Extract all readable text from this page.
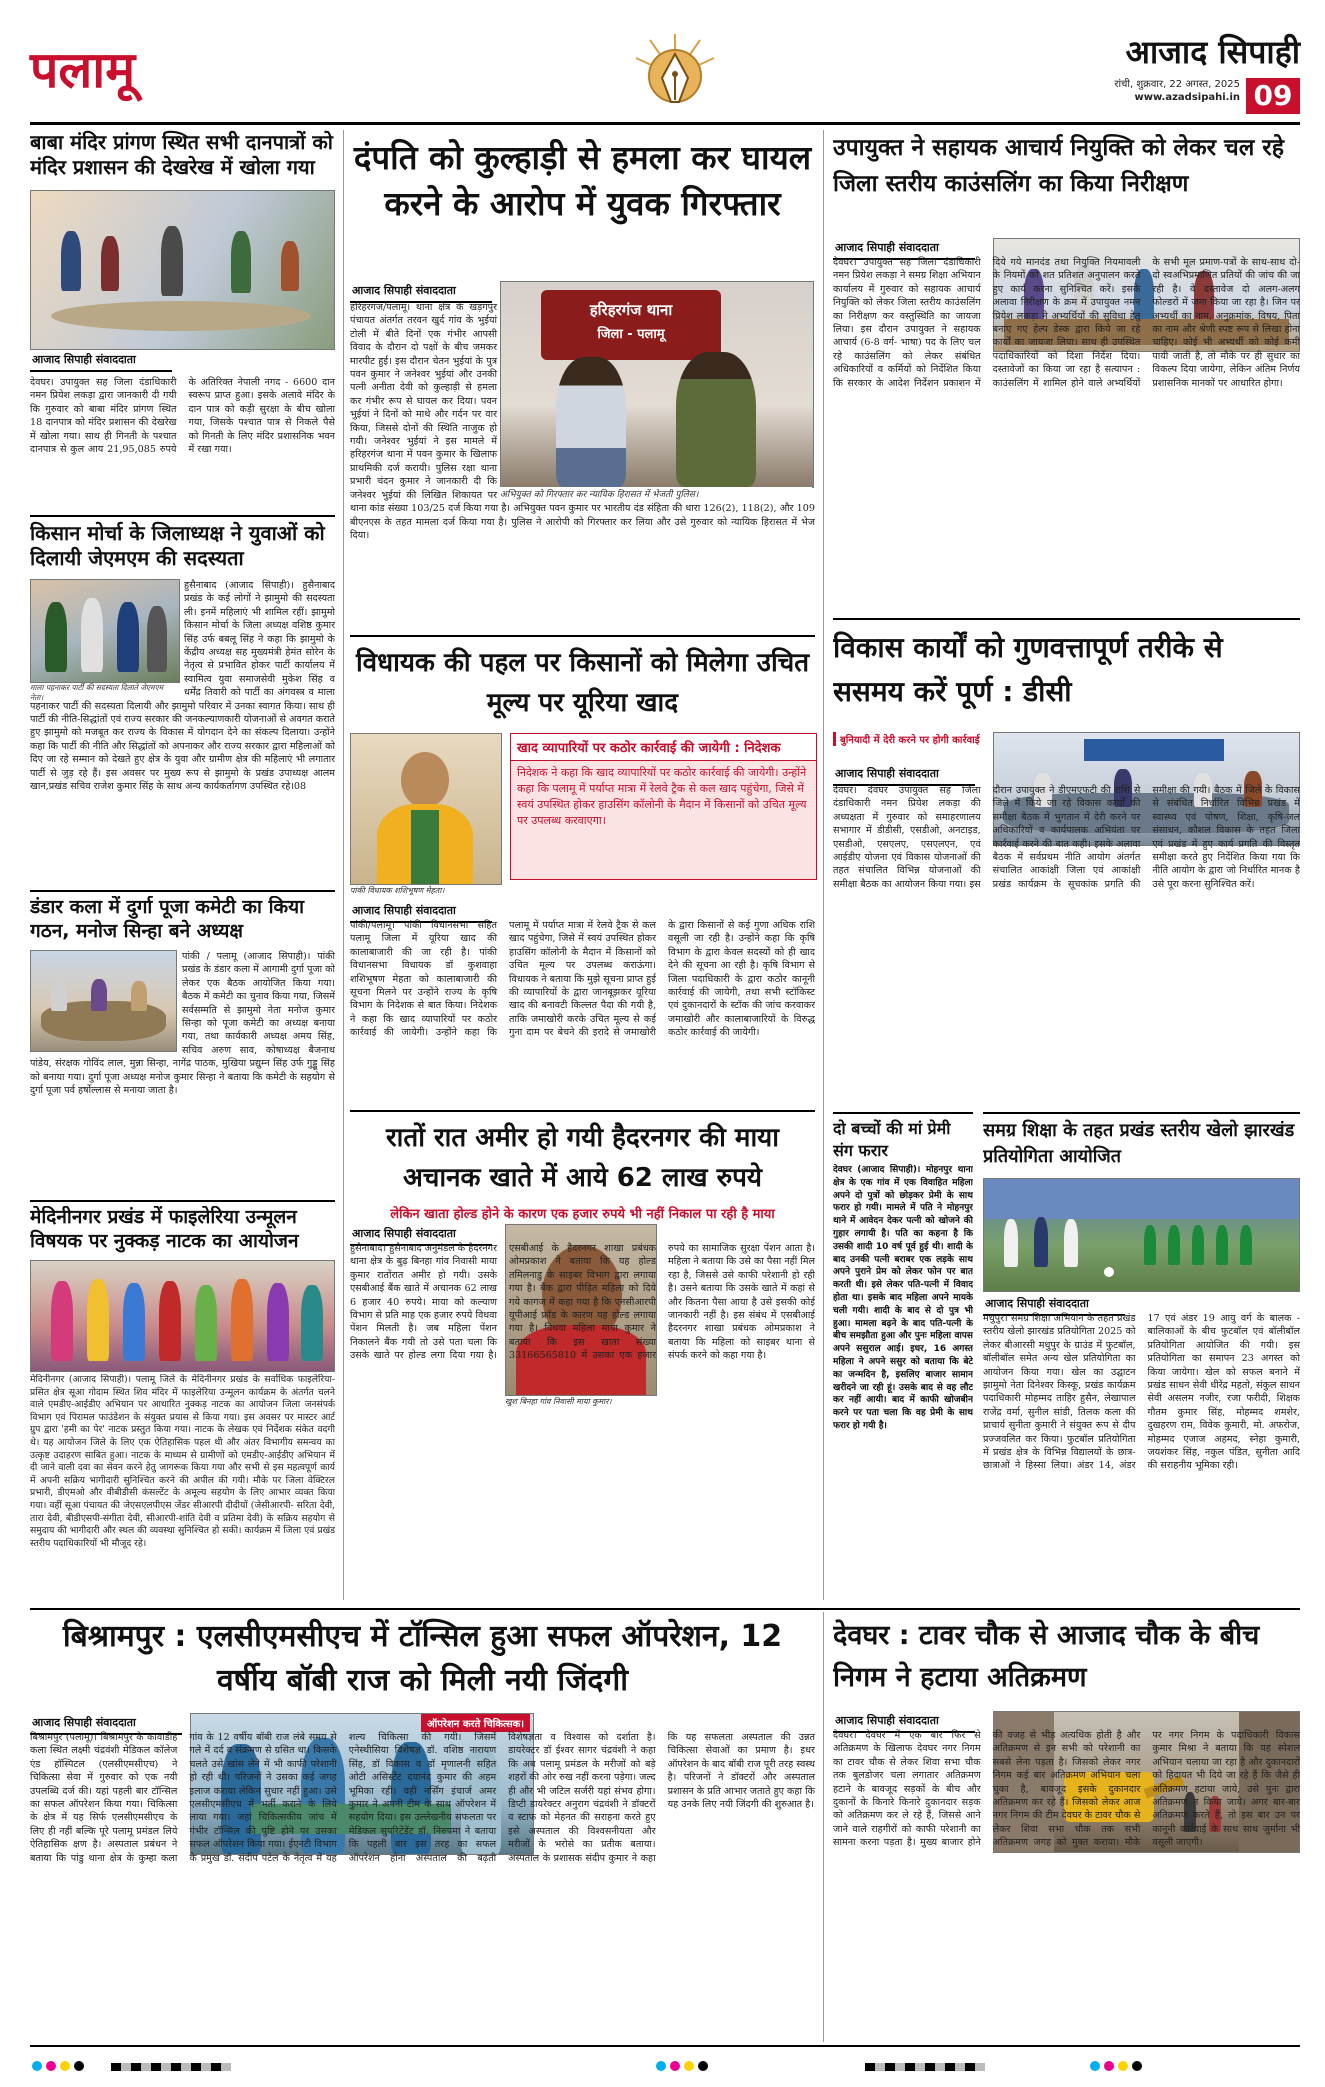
पलामू	आजाद सिपाही
रांची, शुक्रवार, 22 अगस्त, 2025
www.azadsipahi.in 09
बाबा मंदिर प्रांगण स्थित सभी दानपात्रों को मंदिर प्रशासन की देखरेख में खोला गया
आजाद सिपाही संवाददाता
देवघर। उपायुक्त सह जिला दंडाधिकारी नमन प्रियेश लकड़ा द्वारा जानकारी दी गयी कि गुरुवार को बाबा मंदिर प्रांगण स्थित 18 दानपात्र को मंदिर प्रशासन की देखरेख में खोला गया। साथ ही गिनती के पश्चात दानपात्र से कुल आय 21,95,085 रुपये के अतिरिक्त नेपाली नगद - 6600 दान स्वरूप प्राप्त हुआ। इसके अलावे मंदिर के दान पात्र को कड़ी सुरक्षा के बीच खोला गया, जिसके पश्चात पात्र से निकले पैसे को गिनती के लिए मंदिर प्रशासनिक भवन में रखा गया।
किसान मोर्चा के जिलाध्यक्ष ने युवाओं को दिलायी जेएमएम की सदस्यता
माला पहनाकर पार्टी की सदस्यता दिलाते जेएमएम नेता।
हुसैनाबाद (आजाद सिपाही)। हुसैनाबाद प्रखंड के कई लोगों ने झामुमो की सदस्यता ली। इनमें महिलाएं भी शामिल रहीं। झामुमो किसान मोर्चा के जिला अध्यक्ष वशिष्ठ कुमार सिंह उर्फ बबलू सिंह ने कहा कि झामुमो के केंद्रीय अध्यक्ष सह मुख्यमंत्री हेमंत सोरेन के नेतृत्व से प्रभावित होकर पार्टी कार्यालय में स्वामित्व युवा समाजसेवी मुकेश सिंह व धर्मेंद्र तिवारी को पार्टी का अंगवस्त्र व माला पहनाकर पार्टी की सदस्यता दिलायी और झामुमो परिवार में उनका स्वागत किया। साथ ही पार्टी की नीति-सिद्धांतों एवं राज्य सरकार की जनकल्याणकारी योजनाओं से अवगत कराते हुए झामुमो को मजबूत कर राज्य के विकास में योगदान देने का संकल्प दिलाया। उन्होंने कहा कि पार्टी की नीति और सिद्धांतों को अपनाकर और राज्य सरकार द्वारा महिलाओं को दिए जा रहे सम्मान को देखते हुए क्षेत्र के युवा और ग्रामीण क्षेत्र की महिलाएं भी लगातार पार्टी से जुड़ रहे हैं। इस अवसर पर मुख्य रूप से झामुमो के प्रखंड उपाध्यक्ष आलम खान,प्रखंड सचिव राजेश कुमार सिंह के साथ अन्य कार्यकर्तागण उपस्थित रहे।08
डंडार कला में दुर्गा पूजा कमेटी का किया गठन, मनोज सिन्हा बने अध्यक्ष
पांकी / पलामू (आजाद सिपाही)। पांकी प्रखंड के डंडार कला में आगामी दुर्गा पूजा को लेकर एक बैठक आयोजित किया गया। बैठक में कमेटी का चुनाव किया गया, जिसमें सर्वसम्मति से झामुमो नेता मनोज कुमार सिन्हा को पूजा कमेटी का अध्यक्ष बनाया गया, तथा कार्यकारी अध्यक्ष अमय सिंह, सचिव अरुण साव, कोषाध्यक्ष बैजनाथ पांडेय, संरक्षक गोविंद लाल, मुन्ना सिन्हा, नागेंद्र पाठक, मुखिया प्रद्युम्न सिंह उर्फ गुड्डू सिंह को बनाया गया। दुर्गा पूजा अध्यक्ष मनोज कुमार सिन्हा ने बताया कि कमेटी के सहयोग से दुर्गा पूजा पर्व हर्षोल्लास से मनाया जाता है।
मेदिनीनगर प्रखंड में फाइलेरिया उन्मूलन विषयक पर नुक्कड़ नाटक का आयोजन
मेदिनीनगर (आजाद सिपाही)। पलामू जिले के मेदिनीनगर प्रखंड के सर्वाधिक फाइलेरिया-प्रसित क्षेत्र सूआ गोदाम स्थित शिव मंदिर में फाइलेरिया उन्मूलन कार्यक्रम के अंतर्गत चलने वाले एमडीए-आईडीए अभियान पर आधारित नुक्कड़ नाटक का आयोजन जिला जनसंपर्क विभाग एवं पिरामल फाउंडेशन के संयुक्त प्रयास से किया गया। इस अवसर पर मास्टर आर्ट ग्रुप द्वारा 'हमी का पेर' नाटक प्रस्तुत किया गया। नाटक के लेखक एवं निर्देशक संकेत वदगी थे। यह आयोजन जिले के लिए एक ऐतिहासिक पहल थी और अंतर विभागीय समन्वय का उत्कृष्ट उदाहरण साबित हुआ। नाटक के माध्यम से ग्रामीणों को एमडीए-आईडीए अभियान में दी जाने वाली दवा का सेवन करने हेतु जागरूक किया गया और सभी से इस महत्वपूर्ण कार्य में अपनी सक्रिय भागीदारी सुनिश्चित करने की अपील की गयी। मौके पर जिला वेक्टिरल प्रभारी, डीएमओ और वीबीडीसी कंसल्टेंट के अमूल्य सहयोग के लिए आभार व्यक्त किया गया। वहीं सूआ पंचायत की जेएसएलपीएस जेंडर सीआरपी दीदीयों (जेसीआरपी- सरिता देवी, तारा देवी, बीडीएसपी-संगीता देवी, सीआरपी-शांति देवी व प्रतिमा देवी) के सक्रिय सहयोग से समुदाय की भागीदारी और स्थल की व्यवस्था सुनिश्चित हो सकी। कार्यक्रम में जिला एवं प्रखंड स्तरीय पदाधिकारियों भी मौजूद रहे।
दंपति को कुल्हाड़ी से हमला कर घायल करने के आरोप में युवक गिरफ्तार
आजाद सिपाही संवाददाता
हरिहरगंज थाना
जिला - पलामू
अभियुक्त को गिरफ्तार कर न्यायिक हिरासत में भेजती पुलिस।
हरिहरगंज/पलामू। थाना क्षेत्र के खड़गपुर पंचायत अंतर्गत तरवन खुर्द गांव के भुईयां टोली में बीते दिनों एक गंभीर आपसी विवाद के दौरान दो पक्षों के बीच जमकर मारपीट हुई। इस दौरान चेतन भुईयां के पुत्र पवन कुमार ने जनेश्वर भुईयां और उनकी पत्नी अनीता देवी को कुल्हाड़ी से हमला कर गंभीर रूप से घायल कर दिया। पवन भुईयां ने दिनों को माथे और गर्दन पर वार किया, जिससे दोनों की स्थिति नाजुक हो गयी। जनेश्वर भुईयां ने इस मामले में हरिहरगंज थाना में पवन कुमार के खिलाफ प्राथमिकी दर्ज करायी। पुलिस रक्षा थाना प्रभारी चंदन कुमार ने जानकारी दी कि जनेश्वर भुईयां की लिखित शिकायत पर थाना कांड संख्या 103/25 दर्ज किया गया है। अभियुक्त पवन कुमार पर भारतीय दंड संहिता की धारा 126(2), 118(2), और 109 बीएनएस के तहत मामला दर्ज किया गया है। पुलिस ने आरोपी को गिरफ्तार कर लिया और उसे गुरुवार को न्यायिक हिरासत में भेज दिया।
विधायक की पहल पर किसानों को मिलेगा उचित मूल्य पर यूरिया खाद
पांकी विधायक शशिभूषण मेहता।
खाद व्यापारियों पर कठोर कार्रवाई की जायेगी : निदेशक
निदेशक ने कहा कि खाद व्यापारियों पर कठोर कार्रवाई की जायेगी। उन्होंने कहा कि पलामू में पर्याप्त मात्रा में रेलवे ट्रैक से कल खाद पहुंचेगा, जिसे में स्वयं उपस्थित होकर हाउसिंग कॉलोनी के मैदान में किसानों को उचित मूल्य पर उपलब्ध करवाएगा।
आजाद सिपाही संवाददाता
पांकी/पलामू। पांकी विधानसभा सहित पलामू जिला में यूरिया खाद की कालाबाजारी की जा रही है। पांकी विधानसभा विधायक डॉ कुशवाहा शशिभूषण मेहता को कालाबाजारी की सूचना मिलने पर उन्होंने राज्य के कृषि विभाग के निदेशक से बात किया। निदेशक ने कहा कि खाद व्यापारियों पर कठोर कार्रवाई की जायेगी। उन्होंने कहा कि पलामू में पर्याप्त मात्रा में रेलवे ट्रैक से कल खाद पहुंचेगा, जिसे में स्वयं उपस्थित होकर हाउसिंग कॉलोनी के मैदान में किसानों को उचित मूल्य पर उपलब्ध कराऊंगा। विधायक ने बताया कि मुझे सूचना प्राप्त हुई की व्यापारियों के द्वारा जानबूझकर यूरिया खाद की बनावटी किल्लत पैदा की गयी है, ताकि जमाखोरी करके उचित मूल्य से कई गुना दाम पर बेचने की इरादे से जमाखोरी के द्वारा किसानों से कई गुणा अधिक राशि वसूली जा रही है। उन्होंने कहा कि कृषि विभाग के द्वारा केवल सदस्यों को ही खाद देने की सूचना आ रही है। कृषि विभाग से जिला पदाधिकारी के द्वारा कठोर कानूनी कार्रवाई की जायेगी, तथा सभी स्टॉकिस्ट एवं दुकानदारों के स्टॉक की जांच करवाकर जमाखोरी और कालाबाजारियों के विरुद्ध कठोर कार्रवाई की जायेगी।
रातों रात अमीर हो गयी हैदरनगर की माया अचानक खाते में आये 62 लाख रुपये
लेकिन खाता होल्ड होने के कारण एक हजार रुपये भी नहीं निकाल पा रही है माया
आजाद सिपाही संवाददाता
खुश बिनहा गांव निवासी माया कुमार।
हुसैनाबाद। हुसैनाबाद अनुमंडल के हैदरनगर थाना क्षेत्र के बुढ़ बिनहा गांव निवासी माया कुमार रातोंरात अमीर हो गयी। उसके एसबीआई बैंक खाते में अचानक 62 लाख 6 हजार 40 रुपये। माया को कल्याण विभाग से प्रति माह एक हजार रुपये विधवा पेंशन मिलती है। जब महिला पेंशन निकालने बैंक गयी तो उसे पता चला कि उसके खाते पर होल्ड लगा दिया गया है। एसबीआई के हैदरनगर शाखा प्रबंधक ओमप्रकाश ने बताया कि यह होल्ड तमिलनाडु के साइबर विभाग द्वारा लगाया गया है। बैंक द्वारा पीड़ित महिला को दिये गये कागज में कहा गया है कि एनसीआरपी यूपीआई फ्रॉड के कारण यह होल्ड लगाया गया है। विधवा महिला माया कुमार ने बताया कि इस खाता संख्या 33166565810 में उसका एक हजार रुपये का सामाजिक सुरक्षा पेंशन आता है। महिला ने बताया कि उसे का पैसा नहीं मिल रहा है, जिससे उसे काफी परेशानी हो रही है। उसने बताया कि उसके खाते में कहां से और कितना पैसा आया है उसे इसकी कोई जानकारी नहीं है। इस संबंध में एसबीआई हैदरनगर शाखा प्रबंधक ओमप्रकाश ने बताया कि महिला को साइबर थाना से संपर्क करने को कहा गया है।
उपायुक्त ने सहायक आचार्य नियुक्ति को लेकर चल रहे जिला स्तरीय काउंसलिंग का किया निरीक्षण
आजाद सिपाही संवाददाता
देवघर। उपायुक्त सह जिला दंडाधिकारी नमन प्रियेश लकड़ा ने समग्र शिक्षा अभियान कार्यालय में गुरुवार को सहायक आचार्य नियुक्ति को लेकर जिला स्तरीय काउंसलिंग का निरीक्षण कर वस्तुस्थिति का जायजा लिया। इस दौरान उपायुक्त ने सहायक आचार्य (6-8 वर्ग- भाषा) पद के लिए चल रहे काउंसलिंग को लेकर संबंधित अधिकारियों व कर्मियों को निर्देशित किया कि सरकार के आदेश निर्देशन प्रकाशन में दिये गये मानदंड तथा नियुक्ति नियमावली के नियमों को शत प्रतिशत अनुपालन करते हुए कार्य करना सुनिश्चित करें। इसके अलावा निरीक्षण के क्रम में उपायुक्त नमन प्रियेश लकड़ा ने अभ्यर्थियों की सुविधा हेतु बनाए गए हेल्प डेस्क द्वारा किये जा रहे कार्यों का जायजा लिया। साथ ही उपस्थित पदाधिकारियों को दिशा निर्देश दिया। दस्तावेजों का किया जा रहा है सत्यापन : काउंसलिंग में शामिल होने वाले अभ्यर्थियों के सभी मूल प्रमाण-पत्रों के साथ-साथ दो-दो स्वअभिप्रमाणित प्रतियों की जांच की जा रही है। वे दस्तावेज दो अलग-अलग फोल्डरों में जमा किया जा रहा है। जिन पर अभ्यर्थी का नाम, अनुक्रमांक, विषय, पिता का नाम और श्रेणी स्पष्ट रूप से लिखा होना चाहिए। कोई भी अभ्यर्थी को कोई कमी पायी जाती है, तो मौके पर ही सुधार का विकल्प दिया जायेगा, लेकिन अंतिम निर्णय प्रशासनिक मानकों पर आधारित होगा।
विकास कार्यों को गुणवत्तापूर्ण तरीके से ससमय करें पूर्ण : डीसी
बुनियादी में देरी करने पर होगी कार्रवाई
आजाद सिपाही संवाददाता
देवघर। देवघर उपायुक्त सह जिला दंडाधिकारी नमन प्रियेश लकड़ा की अध्यक्षता में गुरुवार को समाहरणालय सभागार में डीडीसी, एसडीओ, अनटाइड, एसडीओ, एसएलए, एसएलएन, एवं आईडीए योजना एवं विकास योजनाओं की तहत संचालित विभिन्न योजनाओं की समीक्षा बैठक का आयोजन किया गया। इस दौरान उपायुक्त ने डीएमएफटी की राशि से जिले में किये जा रहे विकास कार्यों की समीक्षा बैठक में भुगतान में देरी करने पर अधिकारियों व कार्यपालक अभियंता पर कार्रवाई करने की बात कही। इसके अलावा बैठक में सर्वप्रथम नीति आयोग अंतर्गत संचालित आकांक्षी जिला एवं आकांक्षी प्रखंड कार्यक्रम के सूचकांक प्रगति की समीक्षा की गयी। बैठक में जिले के विकास से संबंधित निर्धारित विभिन्न प्रखंड में स्वास्थ्य एवं पोषण, शिक्षा, कृषि-जल संसाधन, कौशल विकास के तहत जिला एवं प्रखंड में हुए कार्य प्रगति की विस्तृत समीक्षा करते हुए निर्देशित किया गया कि नीति आयोग के द्वारा जो निर्धारित मानक है उसे पूरा करना सुनिश्चित करें।
दो बच्चों की मां प्रेमी संग फरार
देवघर (आजाद सिपाही)। मोहनपुर थाना क्षेत्र के एक गांव में एक विवाहित महिला अपने दो पुत्रों को छोड़कर प्रेमी के साथ फरार हो गयी। मामले में पति ने मोहनपुर थाने में आवेदन देकर पत्नी को खोजने की गुहार लगायी है। पति का कहना है कि उसकी शादी 10 वर्ष पूर्व हुई थी। शादी के बाद उनकी पत्नी बराबर एक लड़के साथ अपने पुराने प्रेम को लेकर फोन पर बात करती थी। इसे लेकर पति-पत्नी में विवाद होता था। इसके बाद महिला अपने मायके चली गयी। शादी के बाद से दो पुत्र भी हुआ। मामला बढ़ने के बाद पति-पत्नी के बीच समझौता हुआ और पुनः महिला वापस अपने ससुराल आई। इधर, 16 अगस्त महिला ने अपने ससुर को बताया कि बेटे का जन्मदिन है, इसलिए बाजार सामान खरीदने जा रही हूं। उसके बाद से वह लौट कर नहीं आयी। बाद में काफी खोजबीन करने पर पता चला कि वह प्रेमी के साथ फरार हो गयी है।
समग्र शिक्षा के तहत प्रखंड स्तरीय खेलो झारखंड प्रतियोगिता आयोजित
आजाद सिपाही संवाददाता
मधुपुर। समग्र शिक्षा अभियान के तहत प्रखंड स्तरीय खेलो झारखंड प्रतियोगिता 2025 को लेकर बीआरसी मधुपुर के ग्राउंड में फुटबॉल, बॉलीबॉल समेत अन्य खेल प्रतियोगिता का आयोजन किया गया। खेल का उद्घाटन झामुमो नेता दिनेश्वर किस्कू, प्रखंड कार्यक्रम पदाधिकारी मोहम्मद ताहिर हुसैन, लेखापाल राजेंद्र वर्मा, सुनील सांडी, तिलक कला की प्राचार्य सुनीता कुमारी ने संयुक्त रूप से दीप प्रज्जवलित कर किया। फुटबॉल प्रतियोगिता में प्रखंड क्षेत्र के विभिन्न विद्यालयों के छात्र-छात्राओं ने हिस्सा लिया। अंडर 14, अंडर 17 एवं अंडर 19 आयु वर्ग के बालक - बालिकाओं के बीच फुटबॉल एवं बॉलीबॉल प्रतियोगिता आयोजित की गयी। इस प्रतियोगिता का समापन 23 अगस्त को किया जायेगा। खेल को सफल बनाने में प्रखंड साधन सेवी धीरेंद्र महतो, संकुल साधन सेवी असलम नजीर, रजा फरीदी, शिक्षक गौतम कुमार सिंह, मोहम्मद शमशेर, दुखहरण राम, विवेक कुमारी, मो. अफरोज, मोहम्मद एजाज अहमद, स्नेहा कुमारी, जयशंकर सिंह, नकुल पंडित, सुनीता आदि की सराहनीय भूमिका रही।
बिश्रामपुर : एलसीएमसीएच में टॉन्सिल हुआ सफल ऑपरेशन, 12 वर्षीय बॉबी राज को मिली नयी जिंदगी
आजाद सिपाही संवाददाता	ऑपरेशन करते चिकित्सक।
बिश्रामपुर (पलामू)। बिश्रामपुर के कावाडीह कला स्थित लक्ष्मी चंद्रवंशी मेडिकल कॉलेज एंड हॉस्पिटल (एलसीएमसीएच) ने चिकित्सा सेवा में गुरुवार को एक नयी उपलब्धि दर्ज की। यहां पहली बार टॉन्सिल का सफल ऑपरेशन किया गया। चिकित्सा के क्षेत्र में यह सिर्फ एलसीएमसीएच के लिए ही नहीं बल्कि पूरे पलामू प्रमंडल लिये ऐतिहासिक क्षण है। अस्पताल प्रबंधन ने बताया कि पांडु थाना क्षेत्र के कुम्हा कला गांव के 12 वर्षीय बॉबी राज लंबे समय से गले में दर्द व संक्रमण से ग्रसित था। किसके चलते उसे खांस लेने में भी काफी परेशानी हो रही थी। परिजनों ने उसका कई जगह इलाज कराया लेकिन सुधार नहीं हुआ। उसे एलसीएमसीएच में भर्ती कराने के लिये लाया गया। जहां चिकित्सकीय जांच में गंभीर टॉन्सिल की पुष्टि होने पर उसका सफल ऑपरेशन किया गया। ईएनटी विभाग के प्रमुख डॉ. संदीप पटेल के नेतृत्व में यह शल्य चिकित्सा की गयी। जिसमें एनेस्थीसिया विशेषज्ञ डॉ. वशिष्ठ नारायण सिंह, डॉ विकास व डॉ मृणालनी सहित ओटी असिस्टेंट दयानंद कुमार की अहम भूमिका रही। वहीं नर्सिंग इंचार्ज अमर कुमार ने अपनी टीम के साथ ऑपरेशन में सहयोग दिया। इस उल्लेखनीय सफलता पर मेडिकल सुपरिटेंडेंट डॉ. निरुपमा ने बताया कि पहली बार इस तरह का सफल ऑपरेशन होना अस्पताल की बढ़ती विशेषज्ञता व विश्वास को दर्शाता है। डायरेक्टर डॉ ईश्वर सागर चंद्रवंशी ने कहा कि अब पलामू प्रमंडल के मरीजों को बड़े शहरों की ओर रुख नहीं करना पड़ेगा। जल्द ही और भी जटिल सर्जरी यहां संभव होगा। डिप्टी डायरेक्टर अनुराग चंद्रवंशी ने डॉक्टरों व स्टाफ को मेहनत की सराहना करते हुए इसे अस्पताल की विश्वसनीयता और मरीजों के भरोसे का प्रतीक बताया। अस्पताल के प्रशासक संदीप कुमार ने कहा कि यह सफलता अस्पताल की उन्नत चिकित्सा सेवाओं का प्रमाण है। इधर ऑपरेशन के बाद बॉबी राज पूरी तरह स्वस्थ है। परिजनों ने डॉक्टरों और अस्पताल प्रशासन के प्रति आभार जताते हुए कहा कि यह उनके लिए नयी जिंदगी की शुरुआत है।
देवघर : टावर चौक से आजाद चौक के बीच निगम ने हटाया अतिक्रमण
आजाद सिपाही संवाददाता
देवघर। देवघर में एक बार फिर से अतिक्रमण के खिलाफ देवघर नगर निगम का टावर चौक से लेकर शिवा सभा चौक तक बुलडोजर चला लगातार अतिक्रमण हटाने के बावजूद सड़कों के बीच और दुकानों के किनारे किनारे दुकानदार सड़क को अतिक्रमण कर ले रहे हैं, जिससे आने जाने वाले राहगीरों को काफी परेशानी का सामना करना पड़ता है। मुख्य बाजार होने की वजह से भीड़ अत्यधिक होती है और अतिक्रमण से इन सभी को परेशानी का सबसे लेना पड़ता है। जिसको लेकर नगर निगम कई बार अतिक्रमण अभियान चला चुका है, बावजूद इसके दुकानदार अतिक्रमण कर रहे हैं। जिसको लेकर आज नगर निगम की टीम देवघर के टावर चौक से लेकर शिवा सभा चौक तक सभी अतिक्रमण जगह को मुक्त कराया। मौके पर नगर निगम के पदाधिकारी विकास कुमार मिश्रा ने बताया कि यह स्पेशल अभियान चलाया जा रहा है और दुकानदारों को हिदायत भी दिये जा रहे हैं कि जैसे ही अतिक्रमण हटाया जाये, उसे पुनः द्वारा अतिक्रमण न किया जाये। अगर बार-बार अतिक्रमण करते हैं, तो इस बार उन पर कानूनी कार्रवाई के साथ साथ जुर्माना भी वसूली जाएगी।
